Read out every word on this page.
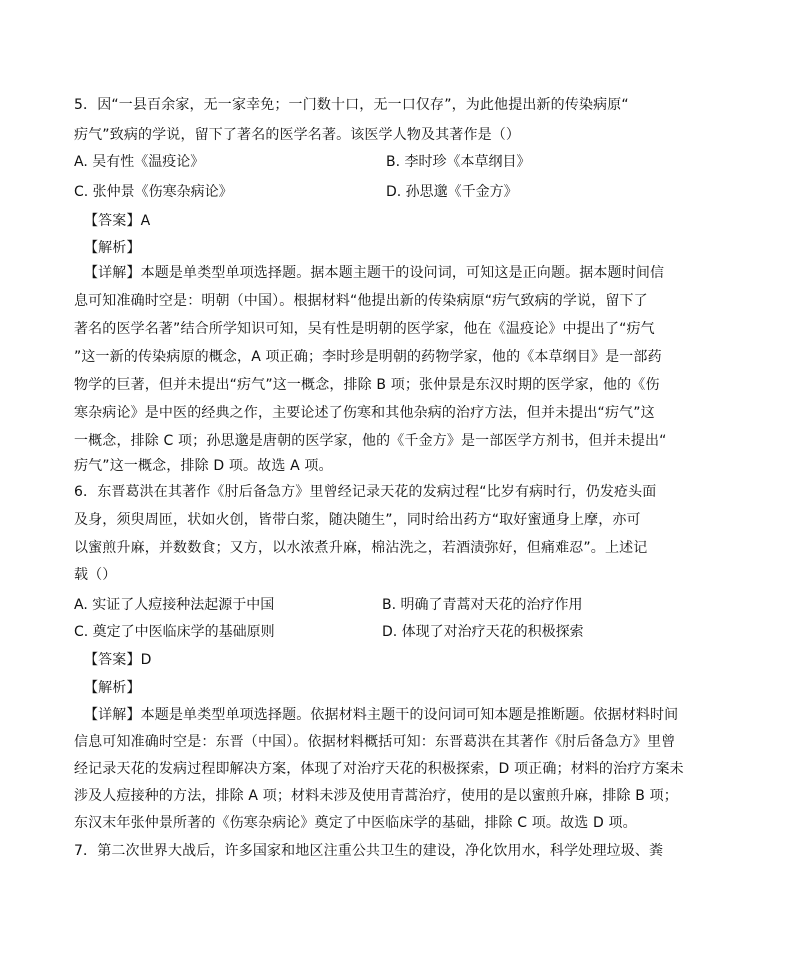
5．因“一县百余家，无一家幸免；一门数十口，无一口仅存”，为此他提出新的传染病原“
疠气”致病的学说，留下了著名的医学名著。该医学人物及其著作是（）
A. 吴有性《温疫论》	B. 李时珍《本草纲目》
C. 张仲景《伤寒杂病论》	D. 孙思邈《千金方》
【答案】A
【解析】
【详解】本题是单类型单项选择题。据本题主题干的设问词，可知这是正向题。据本题时间信
息可知准确时空是：明朝（中国）。根据材料“他提出新的传染病原“疠气致病的学说，留下了
著名的医学名著”结合所学知识可知，吴有性是明朝的医学家，他在《温疫论》中提出了“疠气
”这一新的传染病原的概念，A 项正确；李时珍是明朝的药物学家，他的《本草纲目》是一部药
物学的巨著，但并未提出“疠气”这一概念，排除 B 项；张仲景是东汉时期的医学家，他的《伤
寒杂病论》是中医的经典之作，主要论述了伤寒和其他杂病的治疗方法，但并未提出“疠气”这
一概念，排除 C 项；孙思邈是唐朝的医学家，他的《千金方》是一部医学方剂书，但并未提出“
疠气”这一概念，排除 D 项。故选 A 项。
6．东晋葛洪在其著作《肘后备急方》里曾经记录天花的发病过程“比岁有病时行，仍发疮头面
及身，须臾周匝，状如火创，皆带白浆，随决随生”，同时给出药方“取好蜜通身上摩，亦可
以蜜煎升麻，并数数食；又方，以水浓煮升麻，棉沾洗之，若酒渍弥好，但痛难忍”。上述记
载（）
A. 实证了人痘接种法起源于中国	B. 明确了青蒿对天花的治疗作用
C. 奠定了中医临床学的基础原则	D. 体现了对治疗天花的积极探索
【答案】D
【解析】
【详解】本题是单类型单项选择题。依据材料主题干的设问词可知本题是推断题。依据材料时间
信息可知准确时空是：东晋（中国）。依据材料概括可知：东晋葛洪在其著作《肘后备急方》里曾
经记录天花的发病过程即解决方案，体现了对治疗天花的积极探索，D 项正确；材料的治疗方案未
涉及人痘接种的方法，排除 A 项；材料未涉及使用青蒿治疗，使用的是以蜜煎升麻，排除 B 项；
东汉末年张仲景所著的《伤寒杂病论》奠定了中医临床学的基础，排除 C 项。故选 D 项。
7．第二次世界大战后，许多国家和地区注重公共卫生的建设，净化饮用水，科学处理垃圾、粪
